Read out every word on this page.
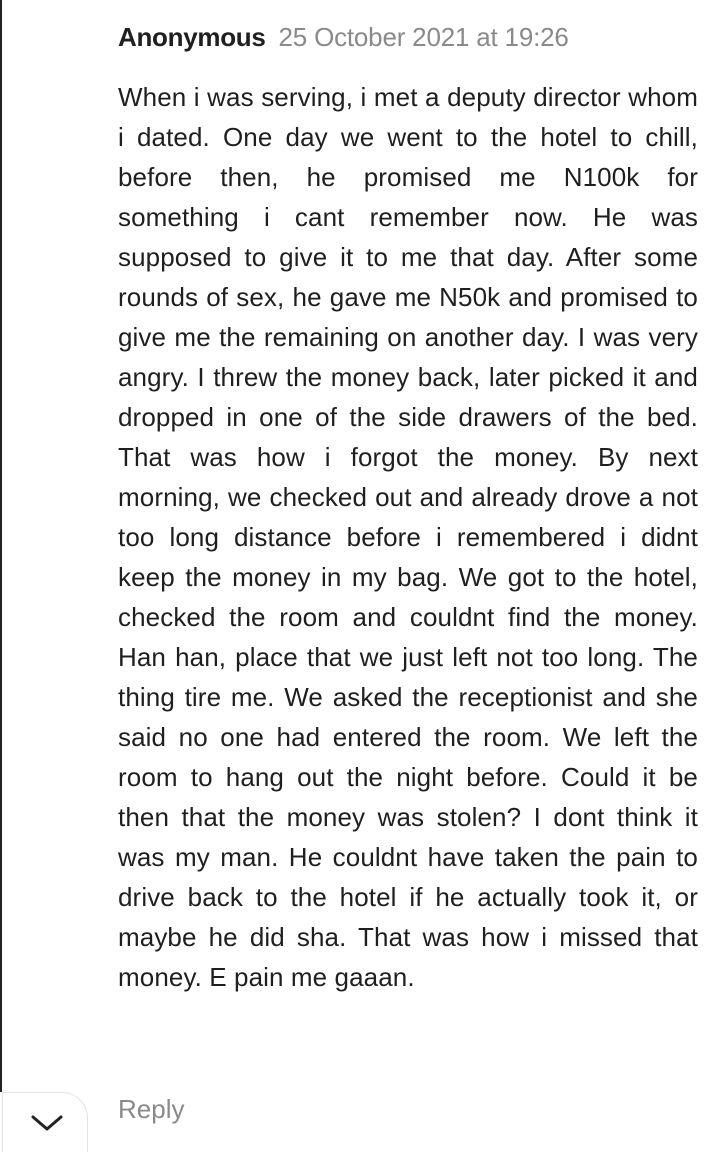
Anonymous 25 October 2021 at 19:26
When i was serving, i met a deputy director whom i dated. One day we went to the hotel to chill, before then, he promised me N100k for something i cant remember now. He was supposed to give it to me that day. After some rounds of sex, he gave me N50k and promised to give me the remaining on another day. I was very angry. I threw the money back, later picked it and dropped in one of the side drawers of the bed. That was how i forgot the money. By next morning, we checked out and already drove a not too long distance before i remembered i didnt keep the money in my bag. We got to the hotel, checked the room and couldnt find the money. Han han, place that we just left not too long. The thing tire me. We asked the receptionist and she said no one had entered the room. We left the room to hang out the night before. Could it be then that the money was stolen? I dont think it was my man. He couldnt have taken the pain to drive back to the hotel if he actually took it, or maybe he did sha. That was how i missed that money. E pain me gaaan.
Reply
